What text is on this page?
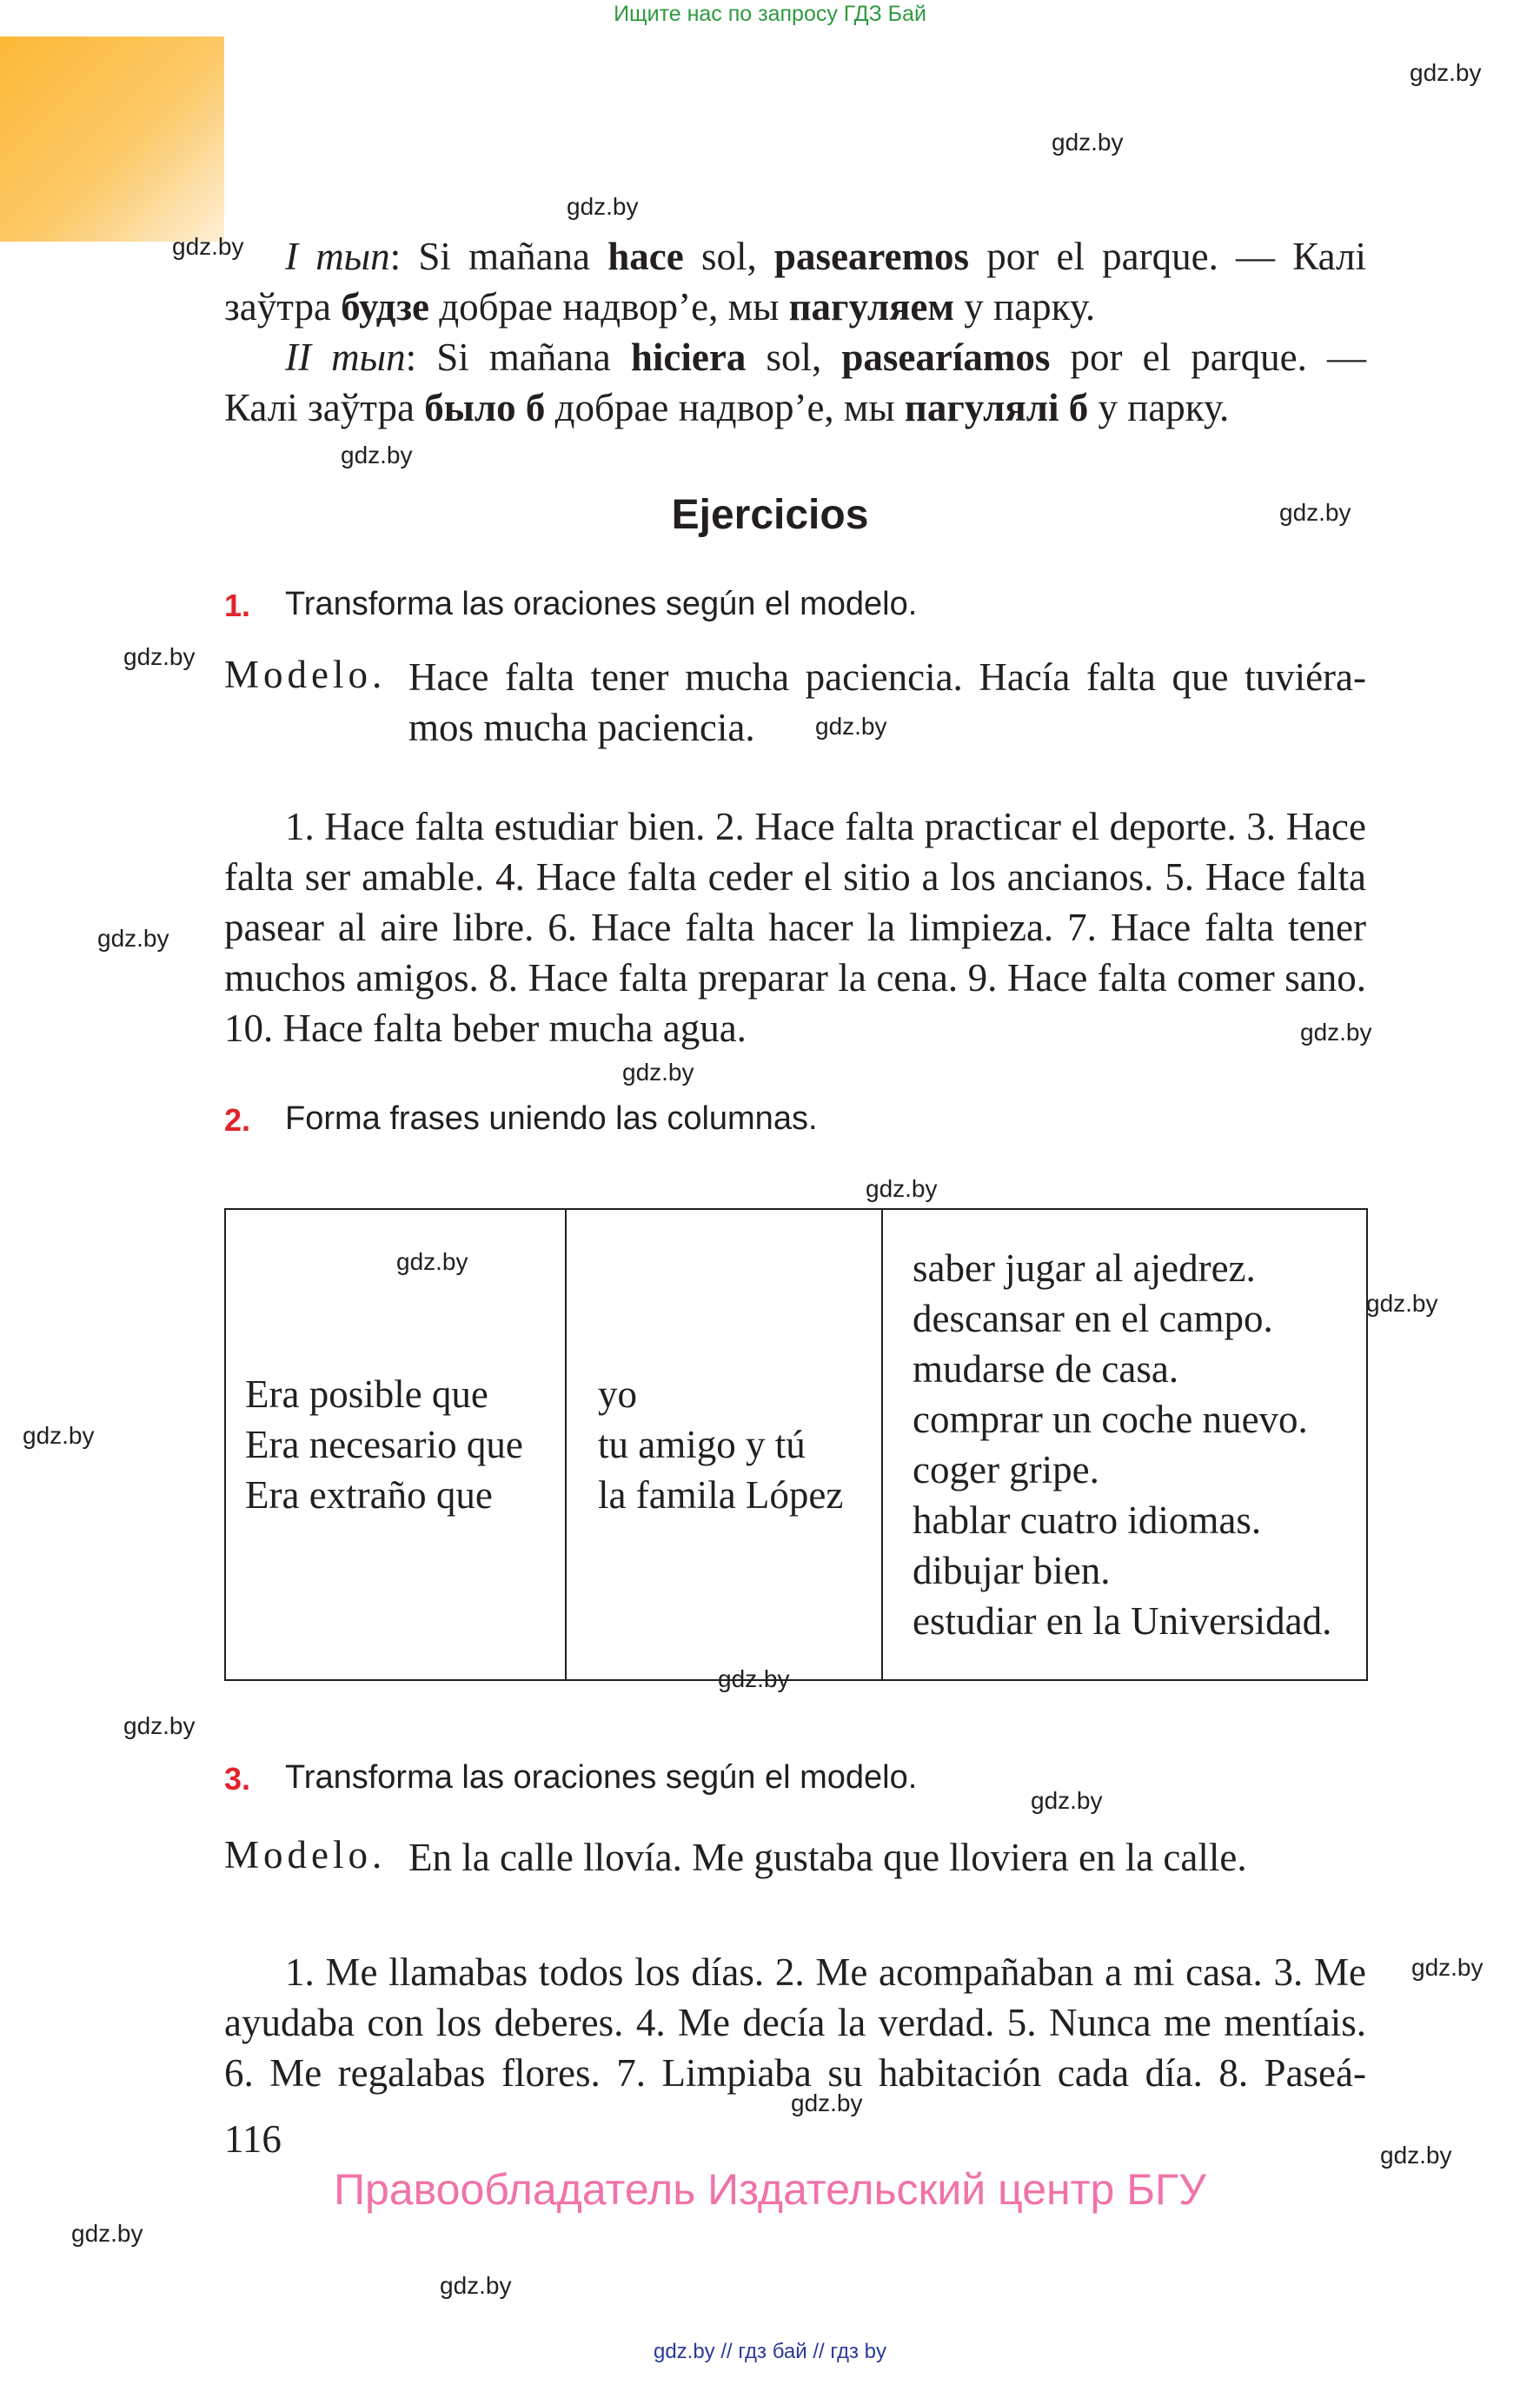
Ищите нас по запросу ГДЗ Бай
gdz.by
gdz.by
gdz.by
gdz.by
gdz.by
gdz.by
gdz.by
gdz.by
gdz.by
gdz.by
gdz.by
gdz.by
gdz.by
gdz.by
gdz.by
gdz.by
gdz.by
gdz.by
gdz.by
gdz.by
gdz.by
gdz.by
gdz.by
I тып: Si mañana hace sol, pasearemos por el parque. — Калі
заўтра будзе добрае надвор’е, мы пагуляем у парку.
II тып: Si mañana hiciera sol, pasearíamos por el parque. —
Калі заўтра было б добрае надвор’е, мы пагулялі б у парку.
Ejercicios
1. Transforma las oraciones según el modelo.
Modelo. Hace falta tener mucha paciencia. Hacía falta que tuviéra-
mos mucha paciencia.
1. Hace falta estudiar bien. 2. Hace falta practicar el deporte. 3. Hace
falta ser amable. 4. Hace falta ceder el sitio a los ancianos. 5. Hace falta
pasear al aire libre. 6. Hace falta hacer la limpieza. 7. Hace falta tener
muchos amigos. 8. Hace falta preparar la cena. 9. Hace falta comer sano.
10. Hace falta beber mucha agua.
2. Forma frases uniendo las columnas.
Era posible que
Era necesario que
Era extraño que

yo
tu amigo y tú
la famila López

saber jugar al ajedrez.
descansar en el campo.
mudarse de casa.
comprar un coche nuevo.
coger gripe.
hablar cuatro idiomas.
dibujar bien.
estudiar en la Universidad.
3. Transforma las oraciones según el modelo.
Modelo. En la calle llovía. Me gustaba que lloviera en la calle.
1. Me llamabas todos los días. 2. Me acompañaban a mi casa. 3. Me
ayudaba con los deberes. 4. Me decía la verdad. 5. Nunca me mentíais.
6. Me regalabas flores. 7. Limpiaba su habitación cada día. 8. Paseá-
116
Правообладатель Издательский центр БГУ
gdz.by // гдз бай // гдз by
